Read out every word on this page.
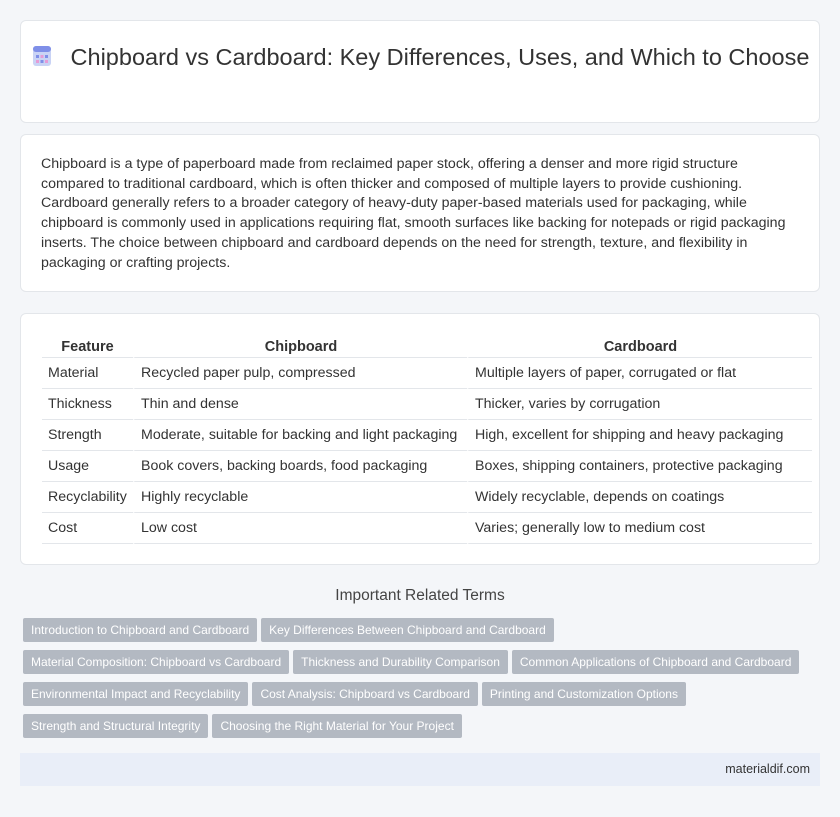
Chipboard vs Cardboard: Key Differences, Uses, and Which to Choose

Chipboard is a type of paperboard made from reclaimed paper stock, offering a denser and more rigid structure compared to traditional cardboard, which is often thicker and composed of multiple layers to provide cushioning. Cardboard generally refers to a broader category of heavy-duty paper-based materials used for packaging, while chipboard is commonly used in applications requiring flat, smooth surfaces like backing for notepads or rigid packaging inserts. The choice between chipboard and cardboard depends on the need for strength, texture, and flexibility in packaging or crafting projects.

Feature	Chipboard	Cardboard
Material	Recycled paper pulp, compressed	Multiple layers of paper, corrugated or flat
Thickness	Thin and dense	Thicker, varies by corrugation
Strength	Moderate, suitable for backing and light packaging	High, excellent for shipping and heavy packaging
Usage	Book covers, backing boards, food packaging	Boxes, shipping containers, protective packaging
Recyclability	Highly recyclable	Widely recyclable, depends on coatings
Cost	Low cost	Varies; generally low to medium cost
Important Related Terms
Introduction to Chipboard and Cardboard Key Differences Between Chipboard and Cardboard
Material Composition: Chipboard vs Cardboard Thickness and Durability Comparison Common Applications of Chipboard and Cardboard
Environmental Impact and Recyclability Cost Analysis: Chipboard vs Cardboard Printing and Customization Options
Strength and Structural Integrity Choosing the Right Material for Your Project
materialdif.com
